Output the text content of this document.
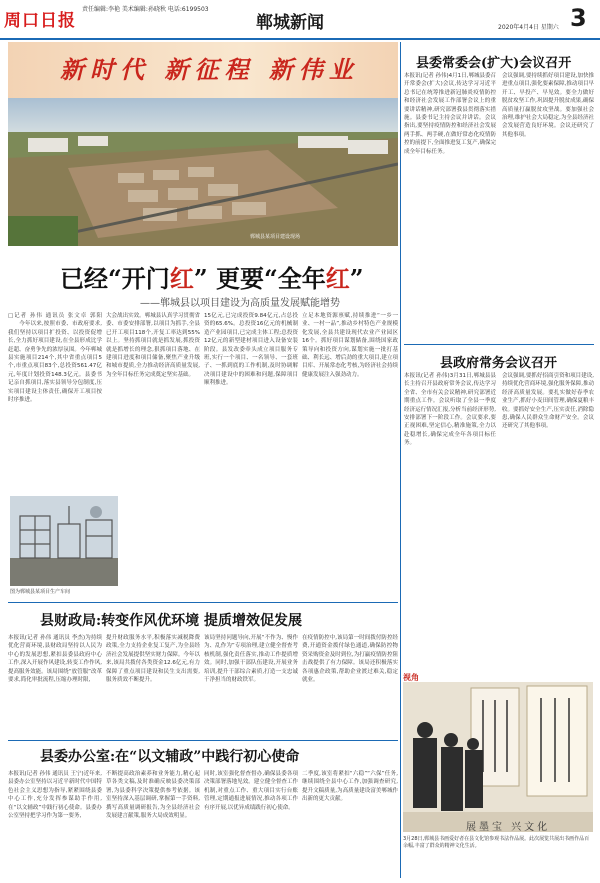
周口日报
责任编辑:李艳 美术编辑:孙晓秋 电话:6199503
郸城新闻	2020年4月4日 星期六 3
新时代 新征程 新伟业
郸城县某项目建设现场
已经“开门红” 更要“全年红”
——郸城县以项目建设为高质量发展赋能增势
□记者 孙伟 通讯员 张文卓 郭阳 　　今年以来,按照市委、市政府要求,我们坚持以项目扩投资、以投资促增长,全力抓好项目建设,在全县形成比学赶超、奋勇争先的浓厚氛围。今年郸城县实施项目214个,其中省重点项目5个,市重点项目83个,总投资561.47亿元,年度计划投资148.3亿元。县委书记亲自抓项目,落实县领导分包制度,压实项目建设主体责任,确保开工项目按时序推进。
大会战出实效。郸城县认真学习贯彻省委、市委安排部署,以项目为抓手,全县已开工项目118个,开复工率达到55%以上。坚持抓项目就是抓发展,抓投资就是抓增长的理念,狠抓项目落地、在建项目进度和项目储备,聚焦产业升级和城市提质,全力推动经济高质量发展,为全年目标任务完成奠定坚实基础。
15亿元,已完成投资9.84亿元,占总投资的65.6%。总投资16亿元的机械制造产业园项目,已完成主体工程;总投资12亿元的新型建材项目进入设备安装阶段。县发改委牵头成立项目服务专班,实行一个项目、一名领导、一套班子、一抓到底的工作机制,及时协调解决项目建设中的困难和问题,保障项目顺利推进。
立足本地资源禀赋,持续推进“一乡一业、一村一品”,推动乡村特色产业规模化发展,全县共建设现代农业产业园区16个。抓好项目谋划储备,围绕国家政策导向和投资方向,谋划实施一批打基础、利长远、增后劲的重大项目,建立项目库、开展常态化考核,为经济社会持续健康发展注入强劲动力。
图为郸城县某项目生产车间
县财政局:转变作风优环境 提质增效促发展
本报讯(记者 孙伟 通讯员 李杰)为持续优化营商环境,县财政局坚持以人民为中心的发展思想,紧扣县委县政府中心工作,深入开展作风建设,转变工作作风,提高服务效能。该局围绕“放管服”改革要求,简化审批流程,压缩办理时限,
提升财政服务水平,积极落实减税降费政策,全力支持企业复工复产,为全县经济社会发展提供坚实财力保障。今年以来,该局共拨付各类资金12.6亿元,有力保障了重点项目建设和民生支出需要,服务质效不断提升。
该局坚持问题导向,开展“不作为、慢作为、乱作为”专项治理,建立健全督查考核机制,强化责任落实,推动工作提质增效。同时,加强干部队伍建设,开展业务培训,提升干部综合素质,打造一支忠诚干净担当的财政铁军。
在疫情防控中,该局第一时间拨付防控经费,开通资金拨付绿色通道,确保防控物资采购资金及时到位,为打赢疫情防控阻击战提供了有力保障。该局还积极落实各项惠企政策,帮助企业渡过难关,稳定就业。
县委办公室:在“以文辅政”中践行初心使命
本报讯(记者 孙伟 通讯员 王宁)近年来,县委办公室坚持以习近平新时代中国特色社会主义思想为指导,紧紧围绕县委中心工作,充分发挥参谋助手作用,在“以文辅政”中践行初心使命。县委办公室坚持把学习作为第一要务,
不断提高政治素养和业务能力,精心起草各类文稿,及时准确反映县委决策部署,为县委科学决策提供参考依据。该室坚持深入基层调研,掌握第一手资料,撰写高质量调研报告,为全县经济社会发展建言献策,服务大局成效明显。
同时,该室强化督查督办,确保县委各项决策部署落地见效。建立健全督查工作机制,对重点工作、重大项目实行台账管理,定期通报进展情况,推动各项工作有序开展,以优异成绩践行初心使命。
二季度,该室将紧扣“六稳”“六保”任务,继续围绕全县中心工作,加强调查研究,提升文稿质量,为高质量建设富美郸城作出新的更大贡献。
县委常委会(扩大)会议召开
本报讯(记者 孙伟)4月1日,郸城县委召开常委会(扩大)会议,传达学习习近平总书记在统筹推进新冠肺炎疫情防控和经济社会发展工作部署会议上的重要讲话精神,研究部署我县贯彻落实措施。县委书记主持会议并讲话。会议指出,要坚持疫情防控和经济社会发展两手抓、两手硬,在做好常态化疫情防控的前提下,全面推进复工复产,确保完成全年目标任务。
会议强调,要持续抓好项目建设,加快推进重点项目,强化要素保障,推动项目早开工、早投产、早见效。要全力做好脱贫攻坚工作,巩固提升脱贫成果,确保高质量打赢脱贫攻坚战。要加强社会治理,维护社会大局稳定,为全县经济社会发展营造良好环境。会议还研究了其他事项。
县政府常务会议召开
本报讯(记者 孙伟)3月31日,郸城县县长主持召开县政府常务会议,传达学习全省、全市有关会议精神,研究部署近期重点工作。会议听取了全县一季度经济运行情况汇报,分析当前经济形势,安排部署下一阶段工作。会议要求,要正视困难,坚定信心,精准施策,全力以赴稳增长,确保完成全年各项目标任务。
会议强调,要抓好招商引资和项目建设,持续优化营商环境,强化服务保障,推动经济高质量发展。要扎实做好春季农业生产,抓好小麦田间管理,确保夏粮丰收。要抓好安全生产,压实责任,消除隐患,确保人民群众生命财产安全。会议还研究了其他事项。
视角
展墨宝 兴文化
3月28日,郸城县书画爱好者在县文化馆参观书法作品展。此次展览共展出书画作品百余幅,丰富了群众的精神文化生活。
